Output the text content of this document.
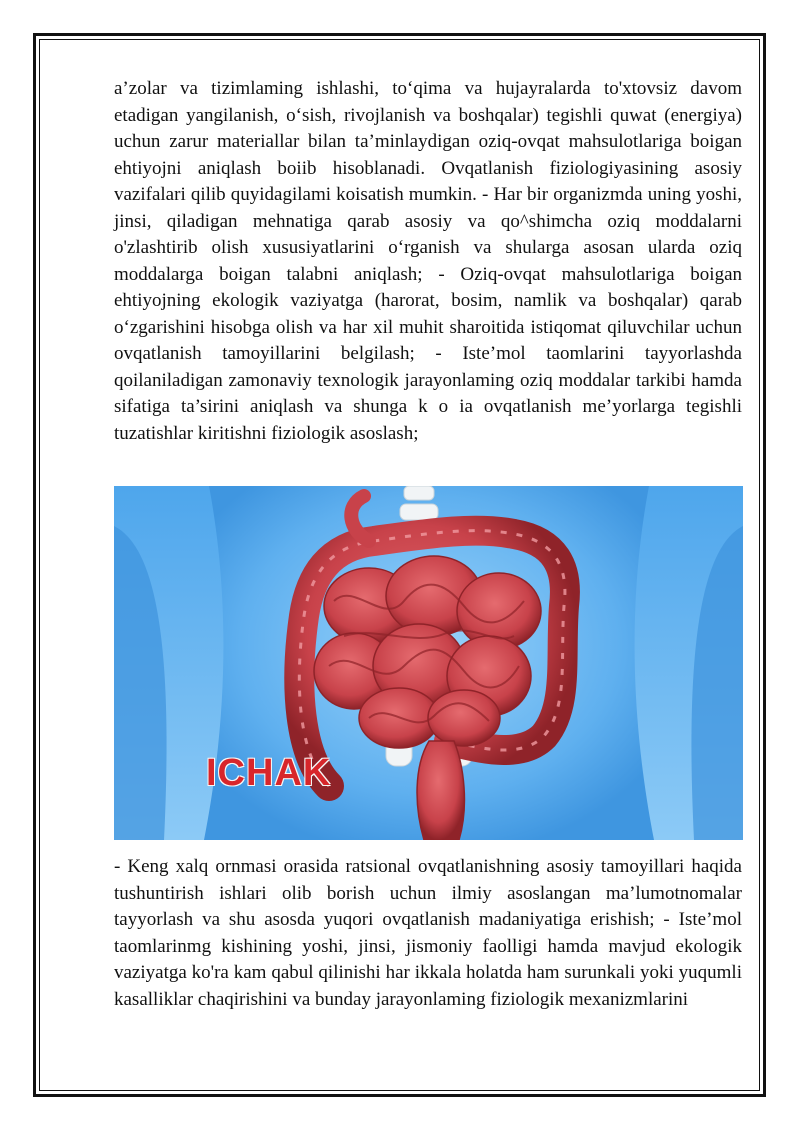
a’zolar va tizimlaming ishlashi, to‘qima va hujayralarda to'xtovsiz davom etadigan yangilanish, o‘sish, rivojlanish va boshqalar) tegishli quwat (energiya) uchun zarur materiallar bilan ta’minlaydigan oziq-ovqat mahsulotlariga boigan ehtiyojni aniqlash boiib hisoblanadi. Ovqatlanish fiziologiyasining asosiy vazifalari qilib quyidagilami koisatish mumkin. - Har bir organizmda uning yoshi, jinsi, qiladigan mehnatiga qarab asosiy va qo^shimcha oziq moddalarni o'zlashtirib olish xususiyatlarini o‘rganish va shularga asosan ularda oziq moddalarga boigan talabni aniqlash; - Oziq-ovqat mahsulotlariga boigan ehtiyojning ekologik vaziyatga (harorat, bosim, namlik va boshqalar) qarab o‘zgarishini hisobga olish va har xil muhit sharoitida istiqomat qiluvchilar uchun ovqatlanish tamoyillarini belgilash; - Iste’mol taomlarini tayyorlashda qoilaniladigan zamonaviy texnologik jarayonlaming oziq moddalar tarkibi hamda sifatiga ta’sirini aniqlash va shunga k o ia ovqatlanish me’yorlarga tegishli tuzatishlar kiritishni fiziologik asoslash;

ICHAK

- Keng xalq ornmasi orasida ratsional ovqatlanishning asosiy tamoyillari haqida tushuntirish ishlari olib borish uchun ilmiy asoslangan ma’lumotnomalar tayyorlash va shu asosda yuqori ovqatlanish madaniyatiga erishish; - Iste’mol taomlarinmg kishining yoshi, jinsi, jismoniy faolligi hamda mavjud ekologik vaziyatga ko'ra kam qabul qilinishi har ikkala holatda ham surunkali yoki yuqumli kasalliklar chaqirishini va bunday jarayonlaming fiziologik mexanizmlarini
